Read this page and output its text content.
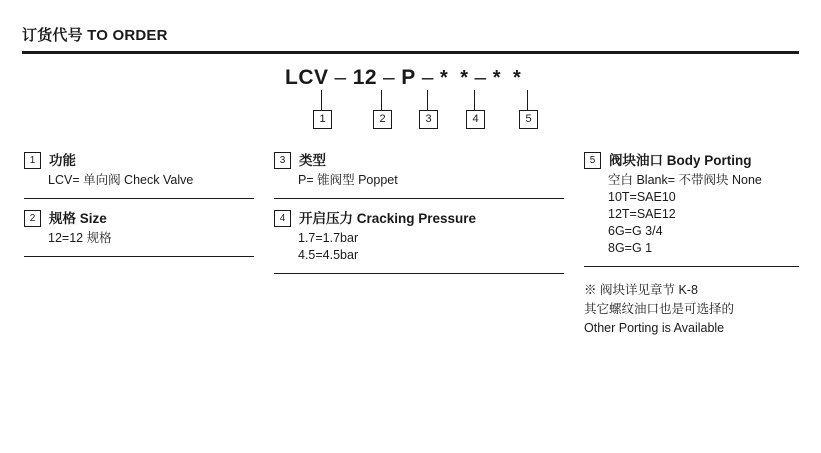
订货代号 TO ORDER
LCV – 12 – P – * * – * *
1	2	3	4	5
1	功能
LCV= 单向阀 Check Valve
2	规格 Size
12=12 规格
3	类型
P= 锥阀型 Poppet
4	开启压力 Cracking Pressure
1.7=1.7bar
4.5=4.5bar
5	阀块油口 Body Porting
空白 Blank= 不带阀块 None
10T=SAE10
12T=SAE12
6G=G 3/4
8G=G 1
※ 阀块详见章节 K-8
其它螺纹油口也是可选择的
Other Porting is Available
